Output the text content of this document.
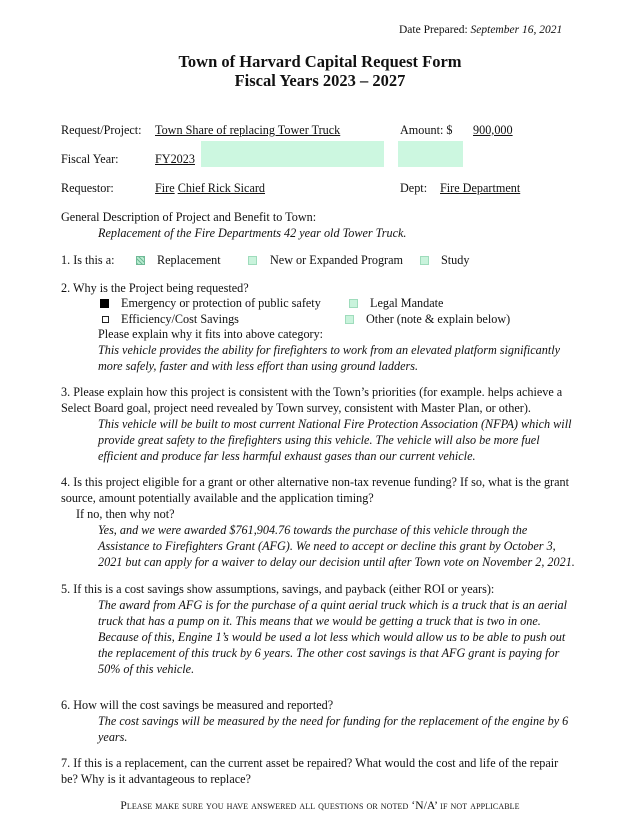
Date Prepared: September 16, 2021
Town of Harvard Capital Request Form
Fiscal Years 2023 – 2027
Request/Project: Town Share of replacing Tower Truck	Amount: $ 900,000
Fiscal Year:	FY2023
Requestor:	Fire Chief Rick Sicard	Dept: Fire Department
General Description of Project and Benefit to Town:
Replacement of the Fire Departments 42 year old Tower Truck.
1. Is this a:	Replacement	New or Expanded Program	Study
2. Why is the Project being requested?
Emergency or protection of public safety	Legal Mandate
Efficiency/Cost Savings	Other (note & explain below)
Please explain why it fits into above category:
This vehicle provides the ability for firefighters to work from an elevated platform significantly
more safely, faster and with less effort than using ground ladders.
3. Please explain how this project is consistent with the Town’s priorities (for example. helps achieve a
Select Board goal, project need revealed by Town survey, consistent with Master Plan, or other).
This vehicle will be built to most current National Fire Protection Association (NFPA) which will
provide great safety to the firefighters using this vehicle. The vehicle will also be more fuel
efficient and produce far less harmful exhaust gases than our current vehicle.
4. Is this project eligible for a grant or other alternative non-tax revenue funding? If so, what is the grant
source, amount potentially available and the application timing?
If no, then why not?
Yes, and we were awarded $761,904.76 towards the purchase of this vehicle through the
Assistance to Firefighters Grant (AFG). We need to accept or decline this grant by October 3,
2021 but can apply for a waiver to delay our decision until after Town vote on November 2, 2021.
5. If this is a cost savings show assumptions, savings, and payback (either ROI or years):
The award from AFG is for the purchase of a quint aerial truck which is a truck that is an aerial
truck that has a pump on it. This means that we would be getting a truck that is two in one.
Because of this, Engine 1’s would be used a lot less which would allow us to be able to push out
the replacement of this truck by 6 years. The other cost savings is that AFG grant is paying for
50% of this vehicle.
6. How will the cost savings be measured and reported?
The cost savings will be measured by the need for funding for the replacement of the engine by 6
years.
7. If this is a replacement, can the current asset be repaired? What would the cost and life of the repair
be? Why is it advantageous to replace?
Please make sure you have answered all questions or noted ‘N/A’ if not applicable
